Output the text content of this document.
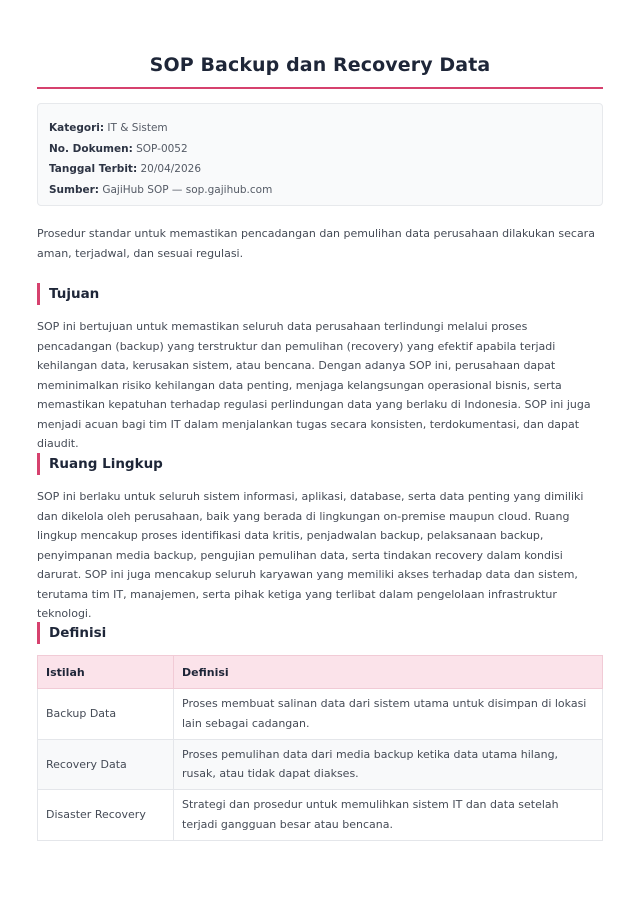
SOP Backup dan Recovery Data
Kategori: IT & Sistem
No. Dokumen: SOP-0052
Tanggal Terbit: 20/04/2026
Sumber: GajiHub SOP — sop.gajihub.com

Prosedur standar untuk memastikan pencadangan dan pemulihan data perusahaan dilakukan secara aman, terjadwal, dan sesuai regulasi.

Tujuan

SOP ini bertujuan untuk memastikan seluruh data perusahaan terlindungi melalui proses pencadangan (backup) yang terstruktur dan pemulihan (recovery) yang efektif apabila terjadi kehilangan data, kerusakan sistem, atau bencana. Dengan adanya SOP ini, perusahaan dapat meminimalkan risiko kehilangan data penting, menjaga kelangsungan operasional bisnis, serta memastikan kepatuhan terhadap regulasi perlindungan data yang berlaku di Indonesia. SOP ini juga menjadi acuan bagi tim IT dalam menjalankan tugas secara konsisten, terdokumentasi, dan dapat diaudit.

Ruang Lingkup

SOP ini berlaku untuk seluruh sistem informasi, aplikasi, database, serta data penting yang dimiliki dan dikelola oleh perusahaan, baik yang berada di lingkungan on-premise maupun cloud. Ruang lingkup mencakup proses identifikasi data kritis, penjadwalan backup, pelaksanaan backup, penyimpanan media backup, pengujian pemulihan data, serta tindakan recovery dalam kondisi darurat. SOP ini juga mencakup seluruh karyawan yang memiliki akses terhadap data dan sistem, terutama tim IT, manajemen, serta pihak ketiga yang terlibat dalam pengelolaan infrastruktur teknologi.

Definisi
Istilah	Definisi
Backup Data	Proses membuat salinan data dari sistem utama untuk disimpan di lokasi lain sebagai cadangan.
Recovery Data	Proses pemulihan data dari media backup ketika data utama hilang, rusak, atau tidak dapat diakses.
Disaster Recovery	Strategi dan prosedur untuk memulihkan sistem IT dan data setelah terjadi gangguan besar atau bencana.
